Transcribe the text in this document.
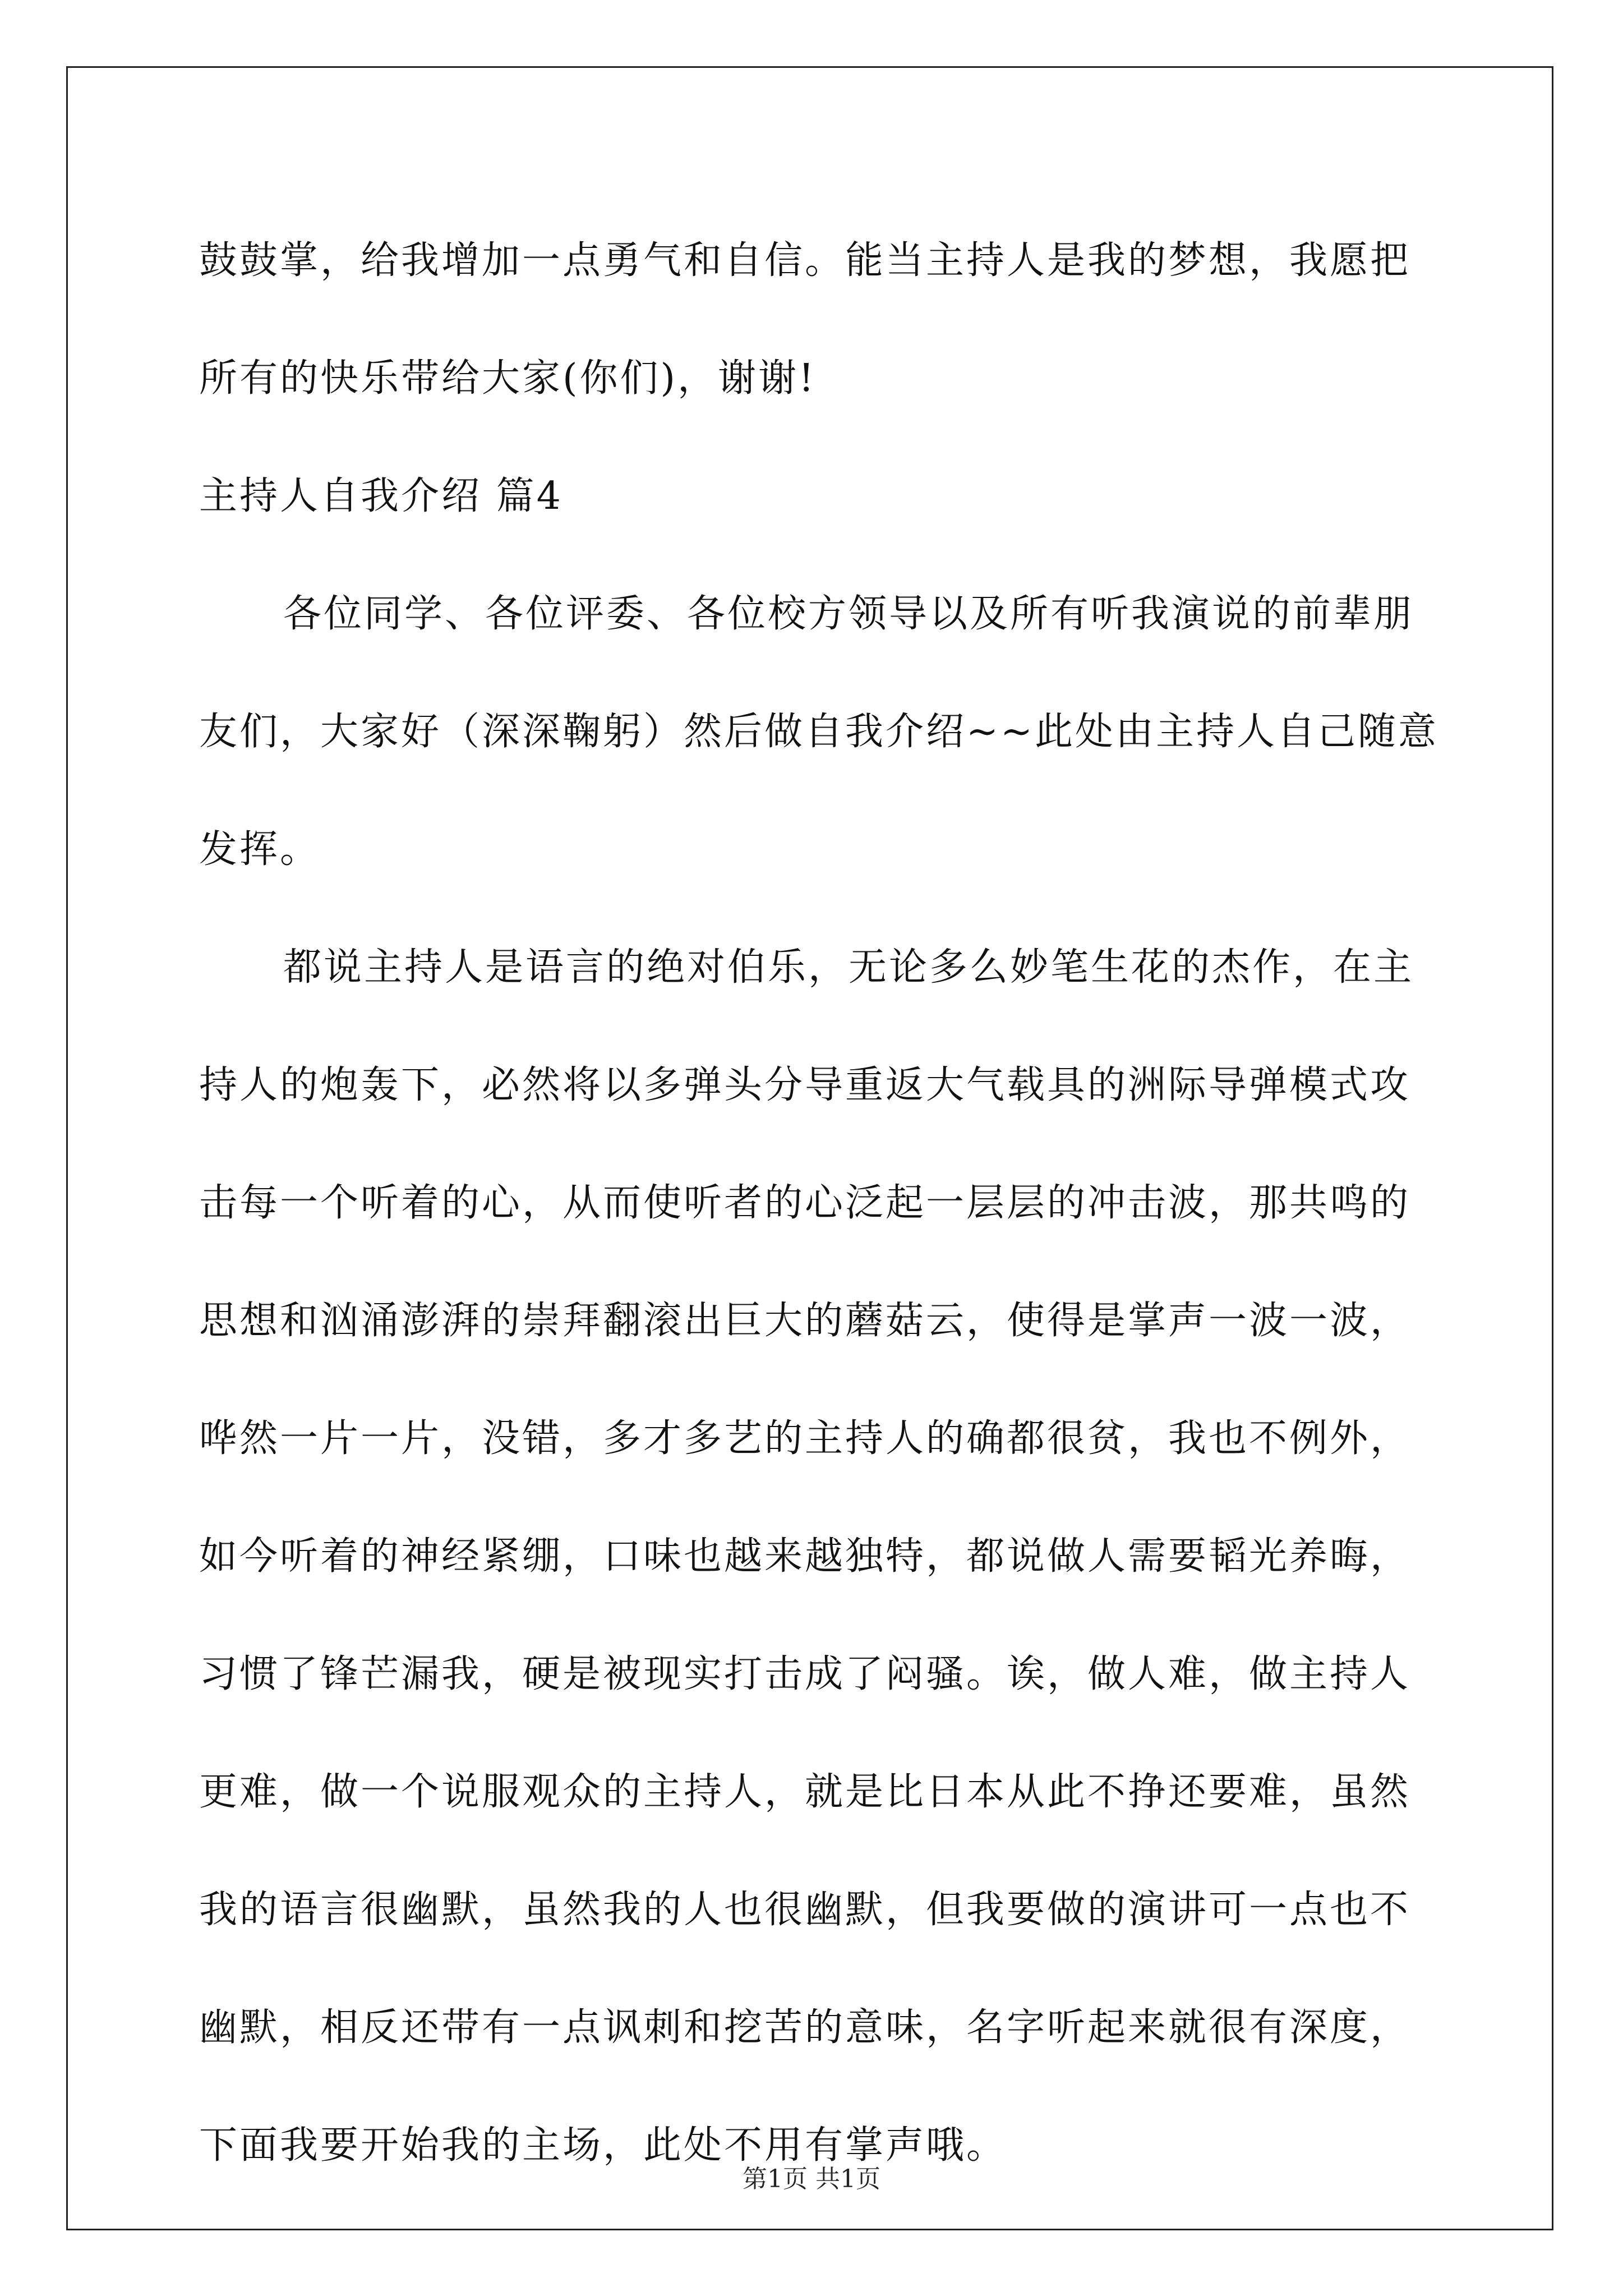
鼓鼓掌，给我增加一点勇气和自信。能当主持人是我的梦想，我愿把
所有的快乐带给大家(你们)，谢谢!
主持人自我介绍 篇4
各位同学、各位评委、各位校方领导以及所有听我演说的前辈朋
友们，大家好（深深鞠躬）然后做自我介绍~~此处由主持人自己随意
发挥。
都说主持人是语言的绝对伯乐，无论多么妙笔生花的杰作，在主
持人的炮轰下，必然将以多弹头分导重返大气载具的洲际导弹模式攻
击每一个听着的心，从而使听者的心泛起一层层的冲击波，那共鸣的
思想和汹涌澎湃的崇拜翻滚出巨大的蘑菇云，使得是掌声一波一波，
哗然一片一片，没错，多才多艺的主持人的确都很贫，我也不例外，
如今听着的神经紧绷，口味也越来越独特，都说做人需要韬光养晦，
习惯了锋芒漏我，硬是被现实打击成了闷骚。诶，做人难，做主持人
更难，做一个说服观众的主持人，就是比日本从此不挣还要难，虽然
我的语言很幽默，虽然我的人也很幽默，但我要做的演讲可一点也不
幽默，相反还带有一点讽刺和挖苦的意味，名字听起来就很有深度，
下面我要开始我的主场，此处不用有掌声哦。
第1页 共1页
